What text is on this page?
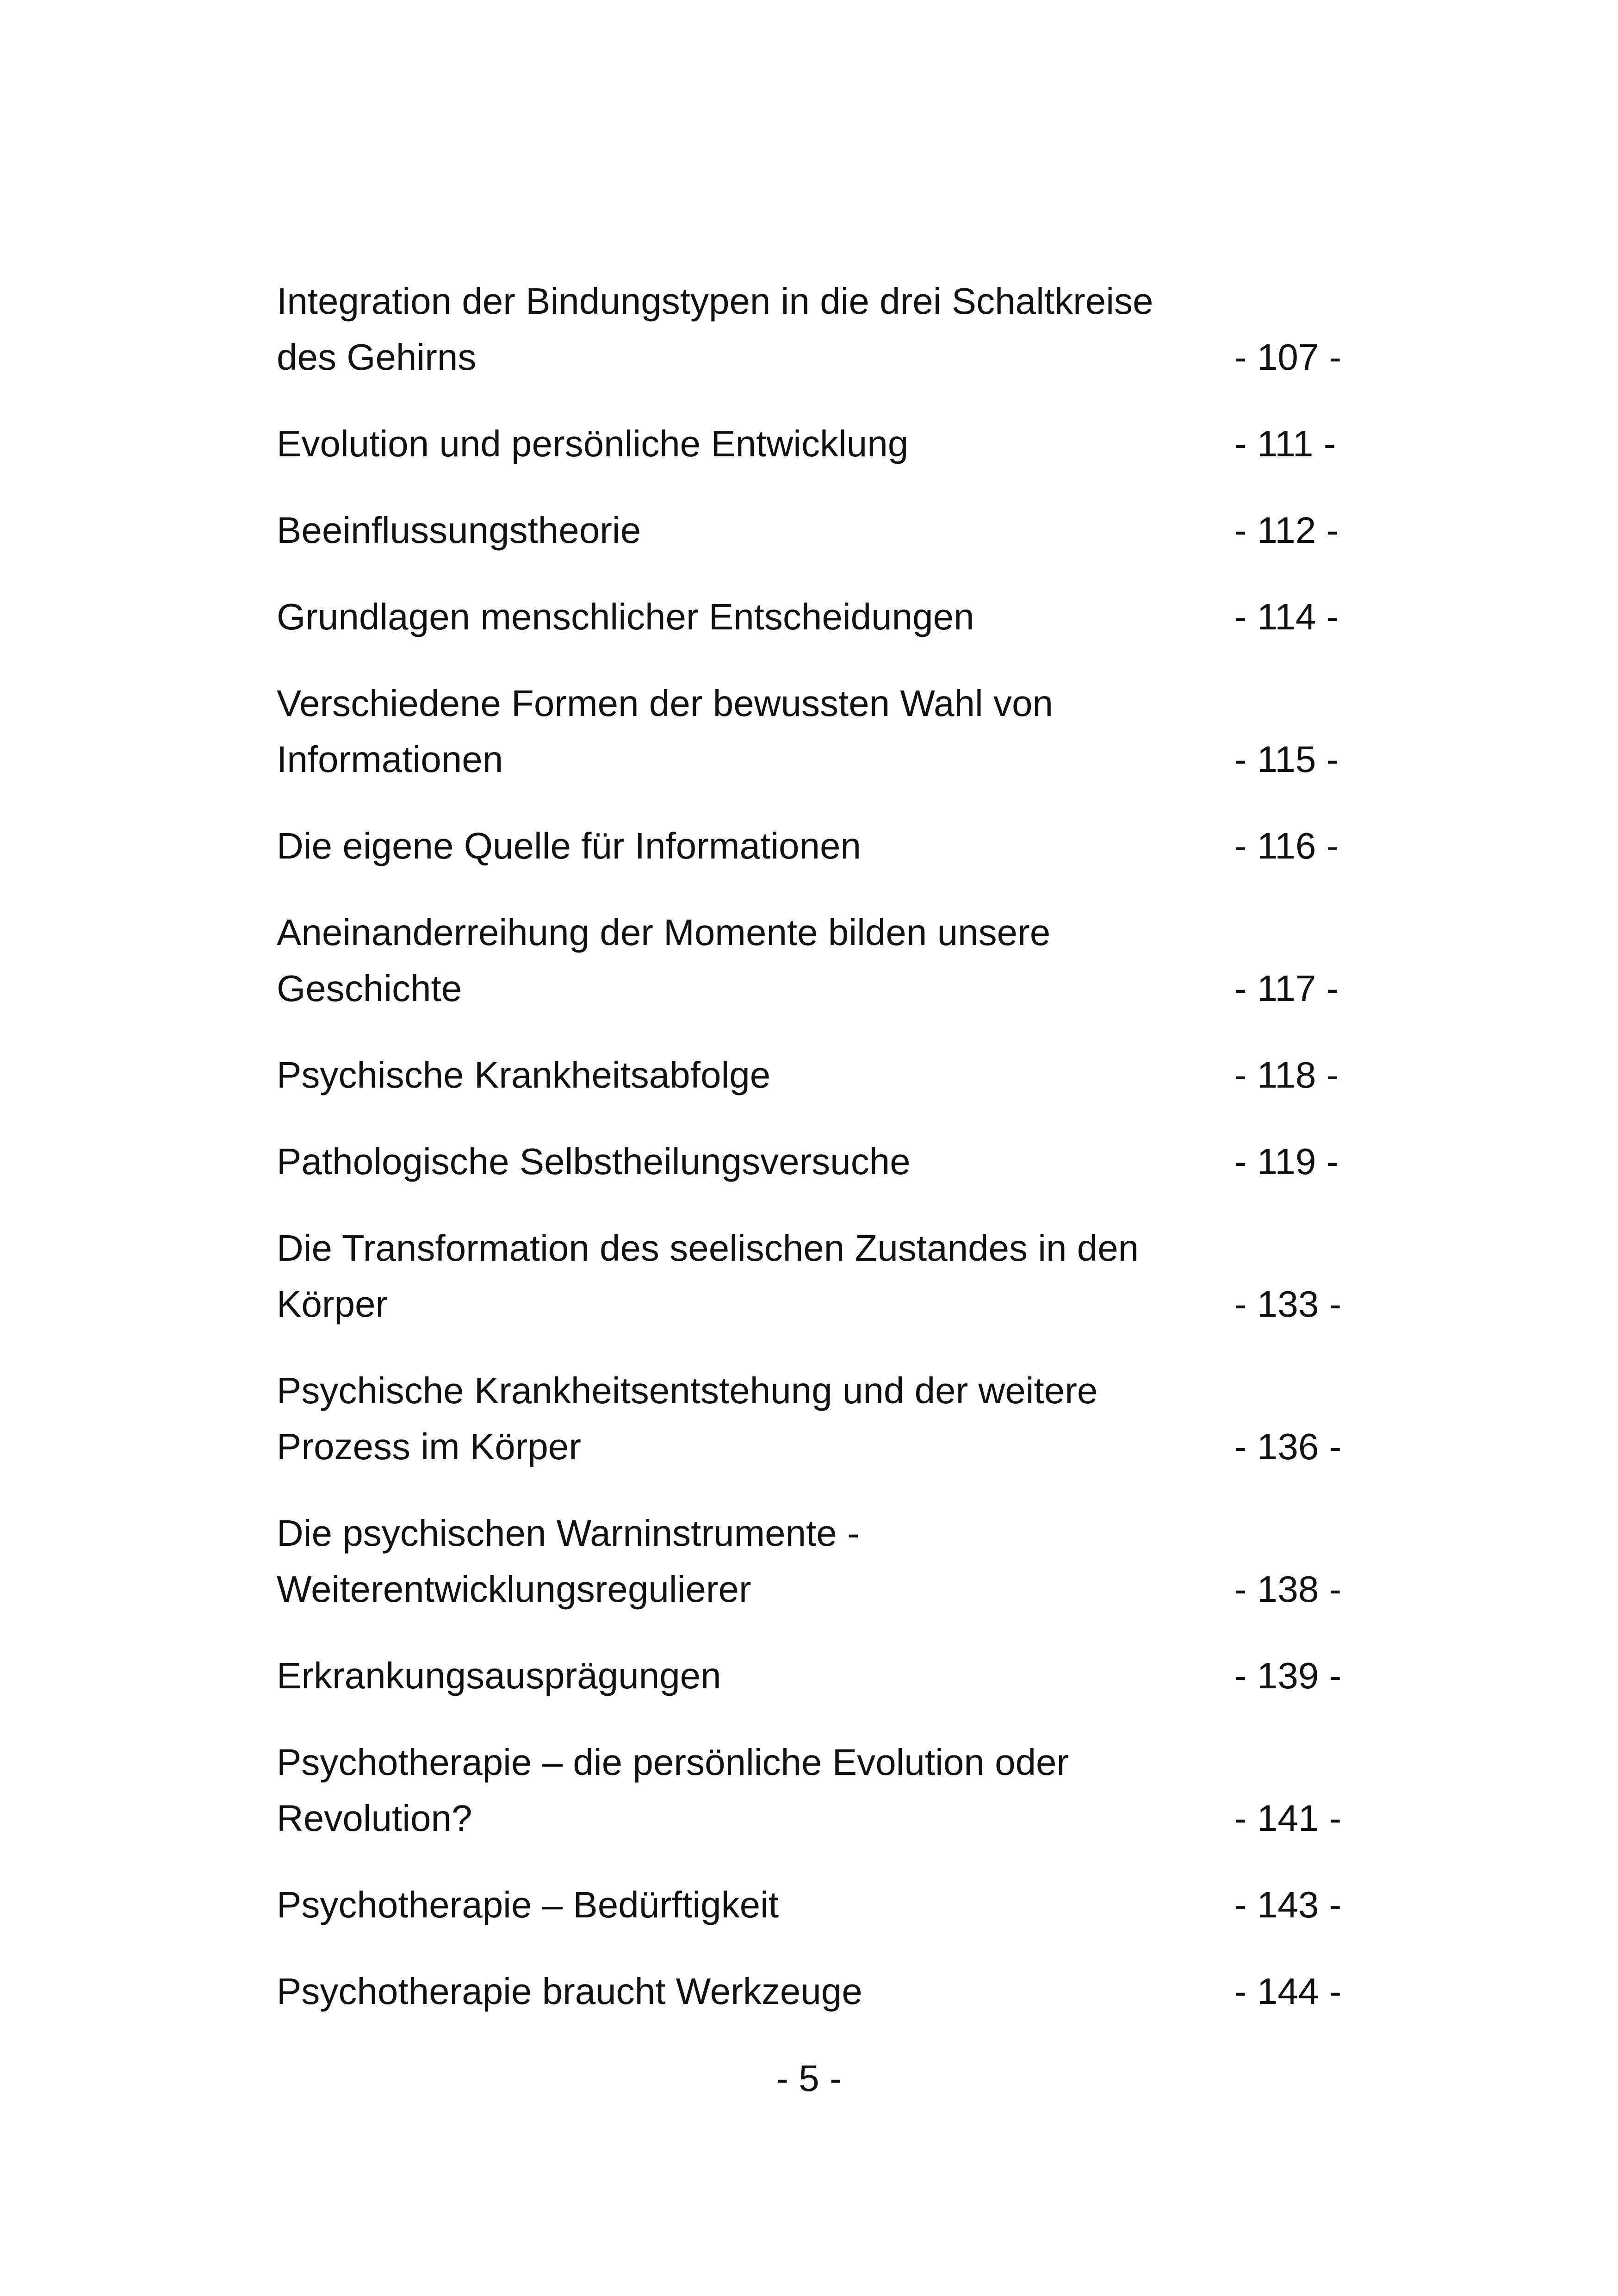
Integration der Bindungstypen in die drei Schaltkreise
des Gehirns	- 107 -
Evolution und persönliche Entwicklung	- 111 -
Beeinflussungstheorie	- 112 -
Grundlagen menschlicher Entscheidungen	- 114 -
Verschiedene Formen der bewussten Wahl von
Informationen	- 115 -
Die eigene Quelle für Informationen	- 116 -
Aneinanderreihung der Momente bilden unsere
Geschichte	- 117 -
Psychische Krankheitsabfolge	- 118 -
Pathologische Selbstheilungsversuche	- 119 -
Die Transformation des seelischen Zustandes in den
Körper	- 133 -
Psychische Krankheitsentstehung und der weitere
Prozess im Körper	- 136 -
Die psychischen Warninstrumente -
Weiterentwicklungsregulierer	- 138 -
Erkrankungsausprägungen	- 139 -
Psychotherapie – die persönliche Evolution oder
Revolution?	- 141 -
Psychotherapie – Bedürftigkeit	- 143 -
Psychotherapie braucht Werkzeuge	- 144 -
- 5 -
